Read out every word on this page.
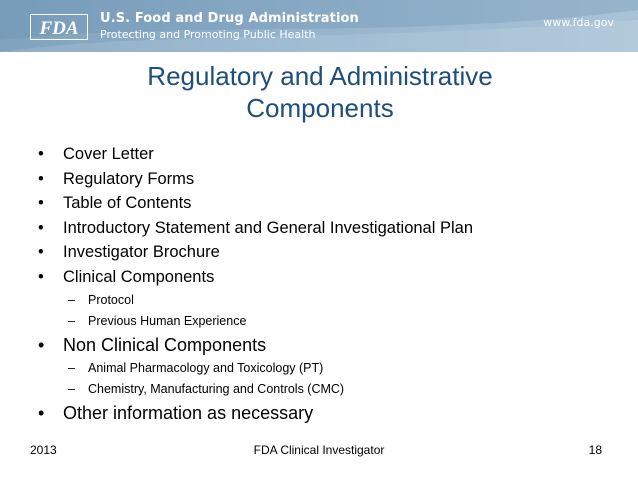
FDA U.S. Food and Drug Administration
Protecting and Promoting Public Health
www.fda.gov
Regulatory and Administrative
Components
• Cover Letter
• Regulatory Forms
• Table of Contents
• Introductory Statement and General Investigational Plan
• Investigator Brochure
• Clinical Components
– Protocol
– Previous Human Experience
• Non Clinical Components
– Animal Pharmacology and Toxicology (PT)
– Chemistry, Manufacturing and Controls (CMC)
• Other information as necessary
2013	FDA Clinical Investigator	18
